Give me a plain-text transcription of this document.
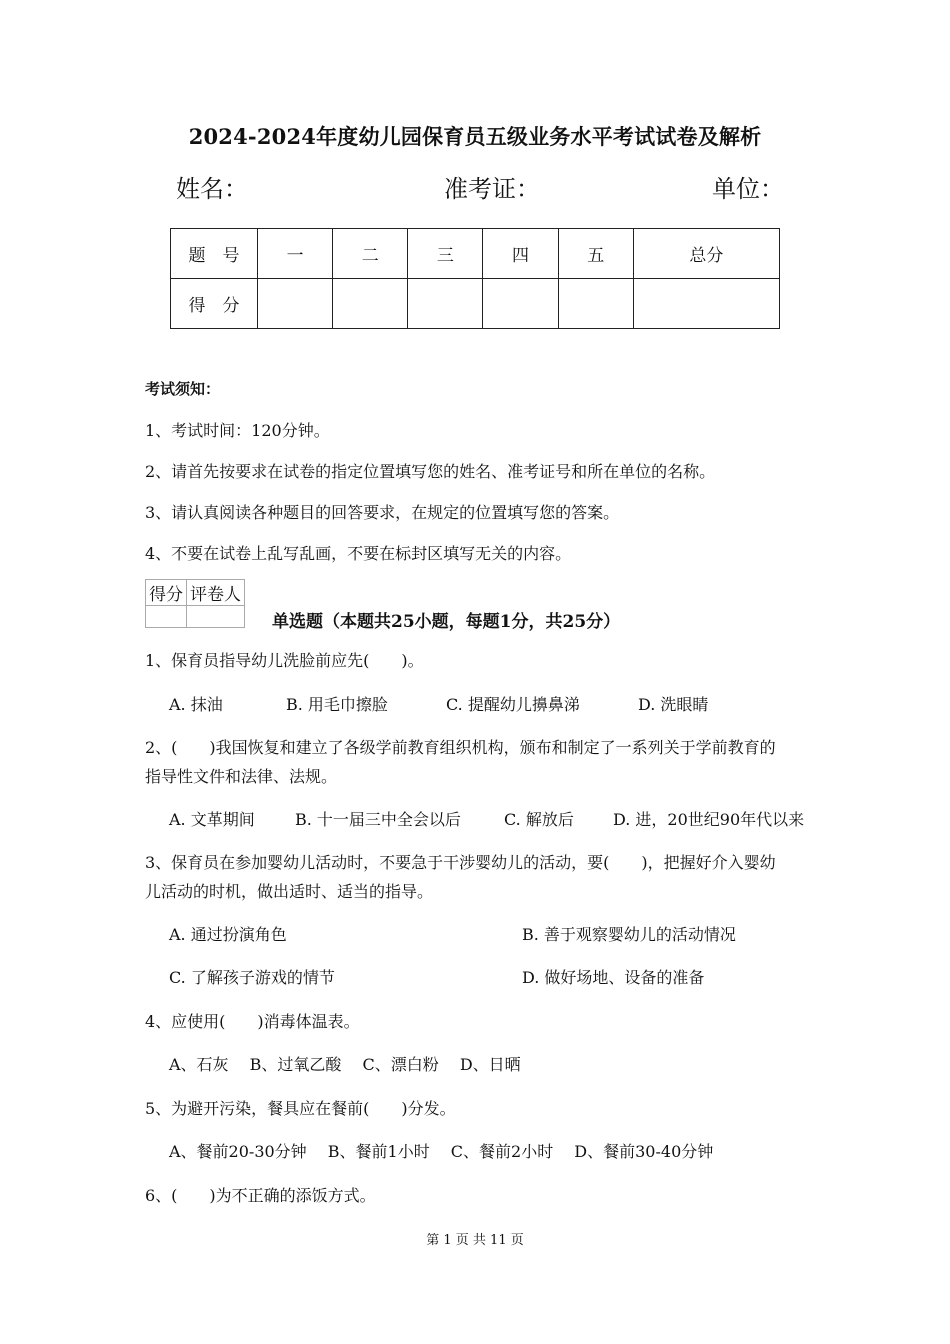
2024-2024年度幼儿园保育员五级业务水平考试试卷及解析
姓名：	准考证：	单位：
题　号	一	二	三	四	五	总分
得　分						
考试须知：
1、考试时间：120分钟。
2、请首先按要求在试卷的指定位置填写您的姓名、准考证号和所在单位的名称。
3、请认真阅读各种题目的回答要求，在规定的位置填写您的答案。
4、不要在试卷上乱写乱画，不要在标封区填写无关的内容。
得分	评卷人

单选题（本题共25小题，每题1分，共25分）
1、保育员指导幼儿洗脸前应先(　　)。
A. 抹油	B. 用毛巾擦脸	C. 提醒幼儿擤鼻涕	D. 洗眼睛
2、(　　)我国恢复和建立了各级学前教育组织机构，颁布和制定了一系列关于学前教育的
指导性文件和法律、法规。
A. 文革期间	B. 十一届三中全会以后	C. 解放后 D. 进，20世纪90年代以来
3、保育员在参加婴幼儿活动时，不要急于干涉婴幼儿的活动，要(　　)，把握好介入婴幼
儿活动的时机，做出适时、适当的指导。
A. 通过扮演角色	B. 善于观察婴幼儿的活动情况
C. 了解孩子游戏的情节	D. 做好场地、设备的准备
4、应使用(　　)消毒体温表。
A、石灰　 B、过氧乙酸　 C、漂白粉　 D、日晒
5、为避开污染，餐具应在餐前(　　)分发。
A、餐前20-30分钟　 B、餐前1小时　 C、餐前2小时　 D、餐前30-40分钟
6、(　　)为不正确的添饭方式。
第 1 页 共 11 页
